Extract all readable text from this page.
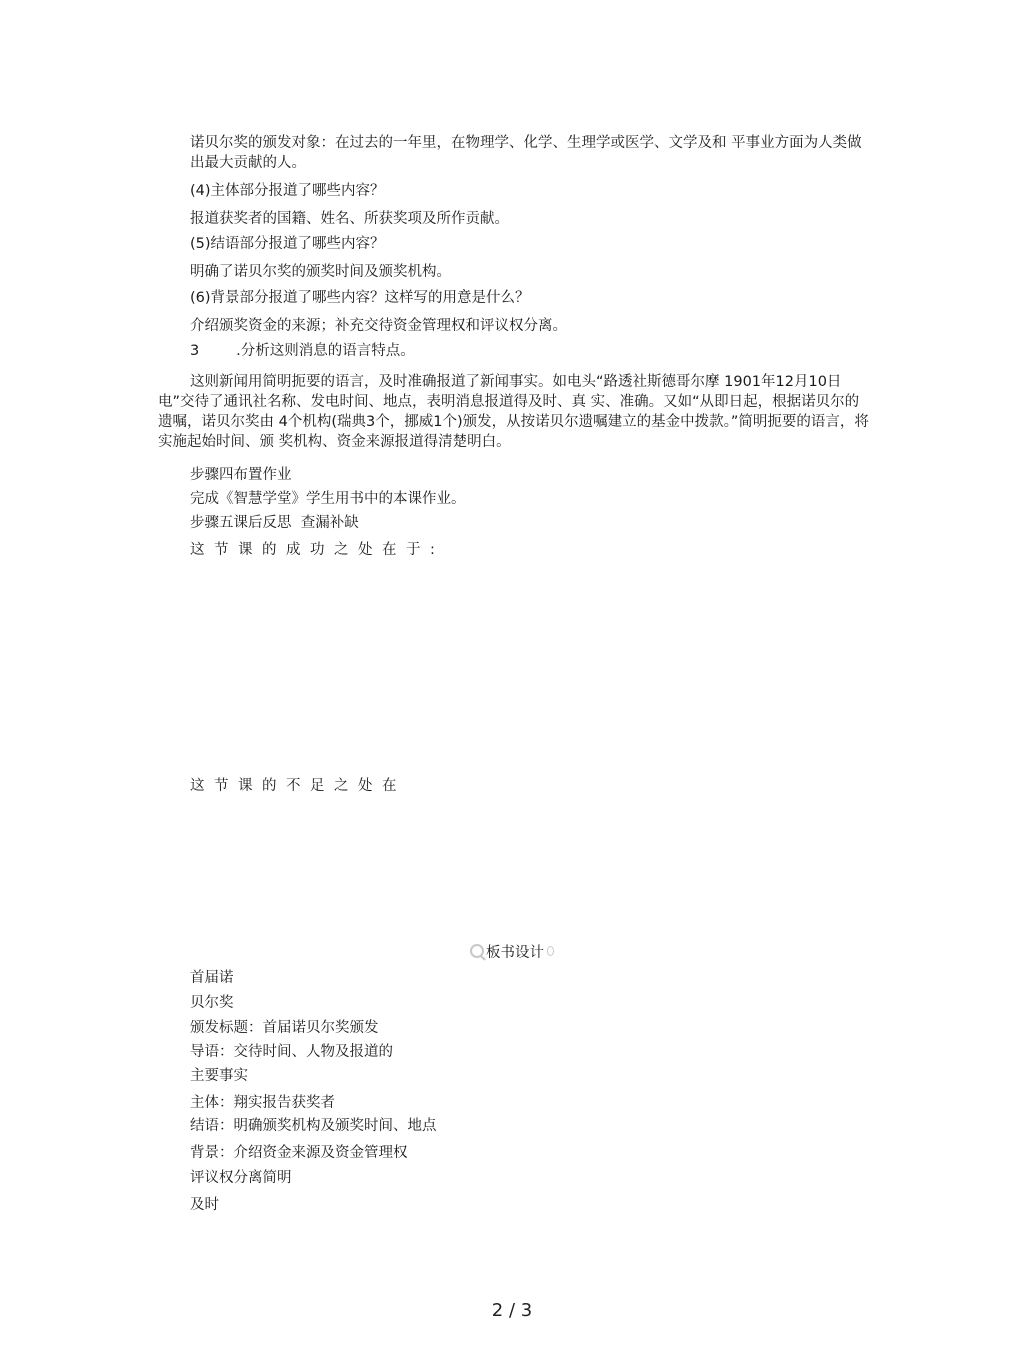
诺贝尔奖的颁发对象：在过去的一年里，在物理学、化学、生理学或医学、文学及和 平事业方面为人类做出最大贡献的人。
(4)主体部分报道了哪些内容？
报道获奖者的国籍、姓名、所获奖项及所作贡献。
(5)结语部分报道了哪些内容？
明确了诺贝尔奖的颁奖时间及颁奖机构。
(6)背景部分报道了哪些内容？这样写的用意是什么？
介绍颁奖资金的来源；补充交待资金管理权和评议权分离。
3        .分析这则消息的语言特点。
这则新闻用简明扼要的语言，及时准确报道了新闻事实。如电头“路透社斯德哥尔摩 1901年12月10日电”交待了通讯社名称、发电时间、地点，表明消息报道得及时、真 实、准确。又如“从即日起，根据诺贝尔的遗嘱，诺贝尔奖由 4个机构(瑞典3个，挪威1个)颁发，从按诺贝尔遗嘱建立的基金中拨款。”简明扼要的语言，将实施起始时间、颁 奖机构、资金来源报道得清楚明白。
步骤四布置作业
完成《智慧学堂》学生用书中的本课作业。
步骤五课后反思  查漏补缺
这节课的成功之处在于:
这节课的不足之处在
板书设计
首届诺
贝尔奖
颁发标题：首届诺贝尔奖颁发
导语：交待时间、人物及报道的
主要事实
主体：翔实报告获奖者
结语：明确颁奖机构及颁奖时间、地点
背景：介绍资金来源及资金管理权
评议权分离简明
及时
2 / 3
